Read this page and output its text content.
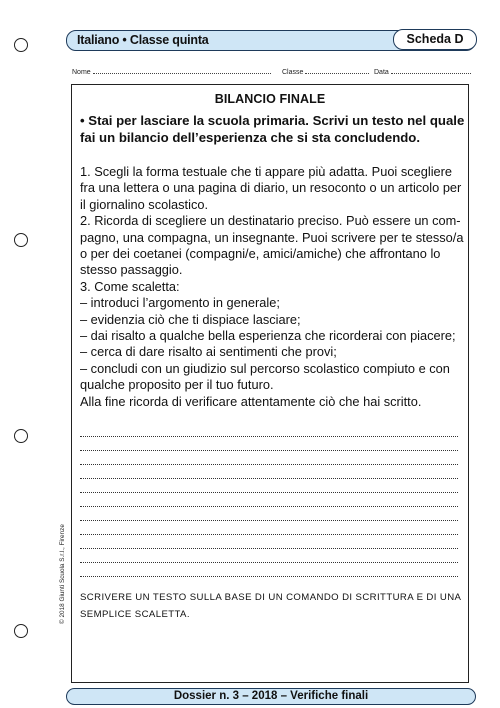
Italiano • Classe quinta	Scheda D
Nome	Classe	Data
BILANCIO FINALE
• Stai per lasciare la scuola primaria. Scrivi un testo nel quale fai un bilancio dell’esperienza che si sta concludendo.

1. Scegli la forma testuale che ti appare più adatta. Puoi scegliere fra una lettera o una pagina di diario, un resoconto o un articolo per il giornalino scolastico.

2. Ricorda di scegliere un destinatario preciso. Può essere un com-pagno, una compagna, un insegnante. Puoi scrivere per te stesso/a o per dei coetanei (compagni/e, amici/amiche) che affrontano lo stesso passaggio.

3. Come scaletta:

– introduci l’argomento in generale;

– evidenzia ciò che ti dispiace lasciare;

– dai risalto a qualche bella esperienza che ricorderai con piacere;

– cerca di dare risalto ai sentimenti che provi;

– concludi con un giudizio sul percorso scolastico compiuto e con qualche proposito per il tuo futuro.

Alla fine ricorda di verificare attentamente ciò che hai scritto.

SCRIVERE UN TESTO SULLA BASE DI UN COMANDO DI SCRITTURA E DI UNA SEMPLICE SCALETTA.
© 2018 Giunti Scuola S.r.l., Firenze
Dossier n. 3 – 2018 – Verifiche finali
